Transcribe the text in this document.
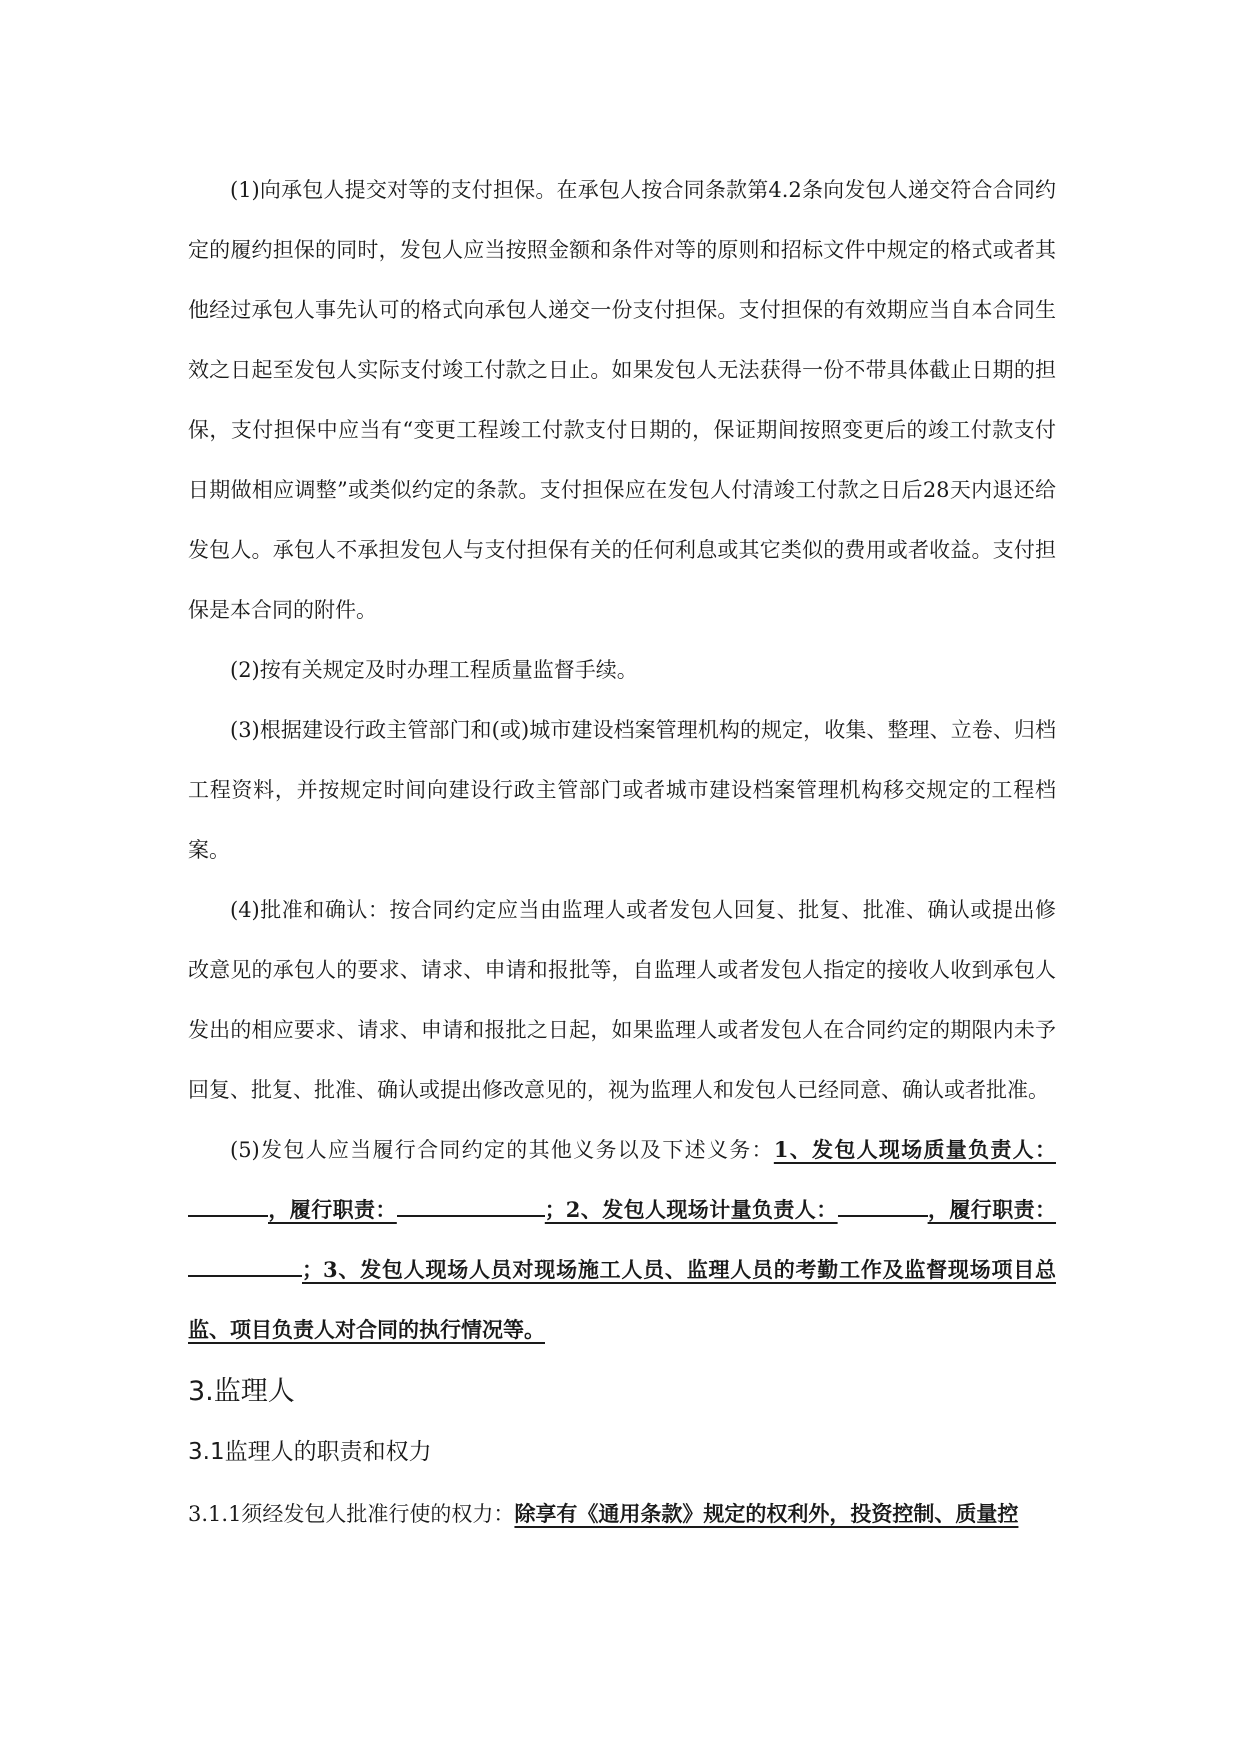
(1)向承包人提交对等的支付担保。在承包人按合同条款第4.2条向发包人递交符合合同约定的履约担保的同时，发包人应当按照金额和条件对等的原则和招标文件中规定的格式或者其他经过承包人事先认可的格式向承包人递交一份支付担保。支付担保的有效期应当自本合同生效之日起至发包人实际支付竣工付款之日止。如果发包人无法获得一份不带具体截止日期的担保，支付担保中应当有“变更工程竣工付款支付日期的，保证期间按照变更后的竣工付款支付日期做相应调整”或类似约定的条款。支付担保应在发包人付清竣工付款之日后28天内退还给发包人。承包人不承担发包人与支付担保有关的任何利息或其它类似的费用或者收益。支付担保是本合同的附件。

(2)按有关规定及时办理工程质量监督手续。

(3)根据建设行政主管部门和(或)城市建设档案管理机构的规定，收集、整理、立卷、归档工程资料，并按规定时间向建设行政主管部门或者城市建设档案管理机构移交规定的工程档案。

(4)批准和确认：按合同约定应当由监理人或者发包人回复、批复、批准、确认或提出修改意见的承包人的要求、请求、申请和报批等，自监理人或者发包人指定的接收人收到承包人发出的相应要求、请求、申请和报批之日起，如果监理人或者发包人在合同约定的期限内未予回复、批复、批准、确认或提出修改意见的，视为监理人和发包人已经同意、确认或者批准。

(5)发包人应当履行合同约定的其他义务以及下述义务：1、发包人现场质量负责人：，履行职责：	；2、发包人现场计量负责人：	，履行职责：；3、发包人现场人员对现场施工人员、监理人员的考勤工作及监督现场项目总监、项目负责人对合同的执行情况等。

3.监理人
3.1监理人的职责和权力

3.1.1须经发包人批准行使的权力：除享有《通用条款》规定的权利外，投资控制、质量控
